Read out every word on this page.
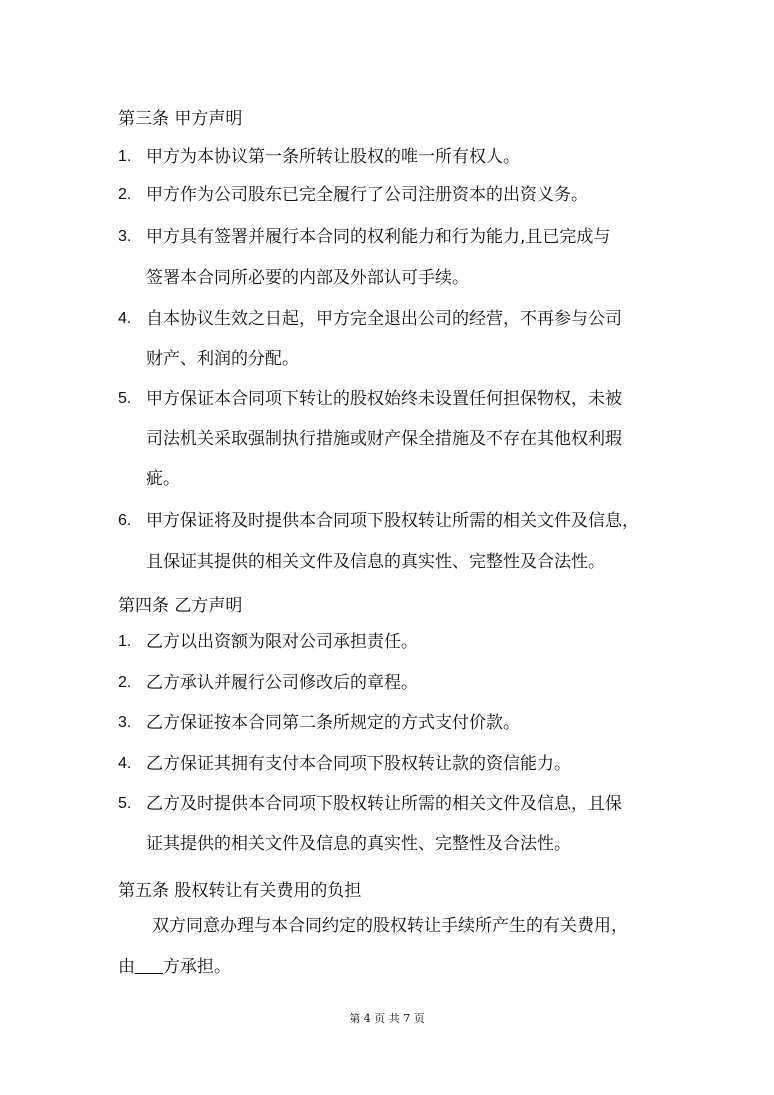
第三条 甲方声明
1. 甲方为本协议第一条所转让股权的唯一所有权人。
2. 甲方作为公司股东已完全履行了公司注册资本的出资义务。
3. 甲方具有签署并履行本合同的权利能力和行为能力,且已完成与
签署本合同所必要的内部及外部认可手续。
4. 自本协议生效之日起，甲方完全退出公司的经营，不再参与公司
财产、利润的分配。
5. 甲方保证本合同项下转让的股权始终未设置任何担保物权，未被
司法机关采取强制执行措施或财产保全措施及不存在其他权利瑕
疵。
6. 甲方保证将及时提供本合同项下股权转让所需的相关文件及信息，
且保证其提供的相关文件及信息的真实性、完整性及合法性。
第四条 乙方声明
1. 乙方以出资额为限对公司承担责任。
2. 乙方承认并履行公司修改后的章程。
3. 乙方保证按本合同第二条所规定的方式支付价款。
4. 乙方保证其拥有支付本合同项下股权转让款的资信能力。
5. 乙方及时提供本合同项下股权转让所需的相关文件及信息，且保
证其提供的相关文件及信息的真实性、完整性及合法性。
第五条 股权转让有关费用的负担
双方同意办理与本合同约定的股权转让手续所产生的有关费用，
由 方承担。
第 4 页 共 7 页
